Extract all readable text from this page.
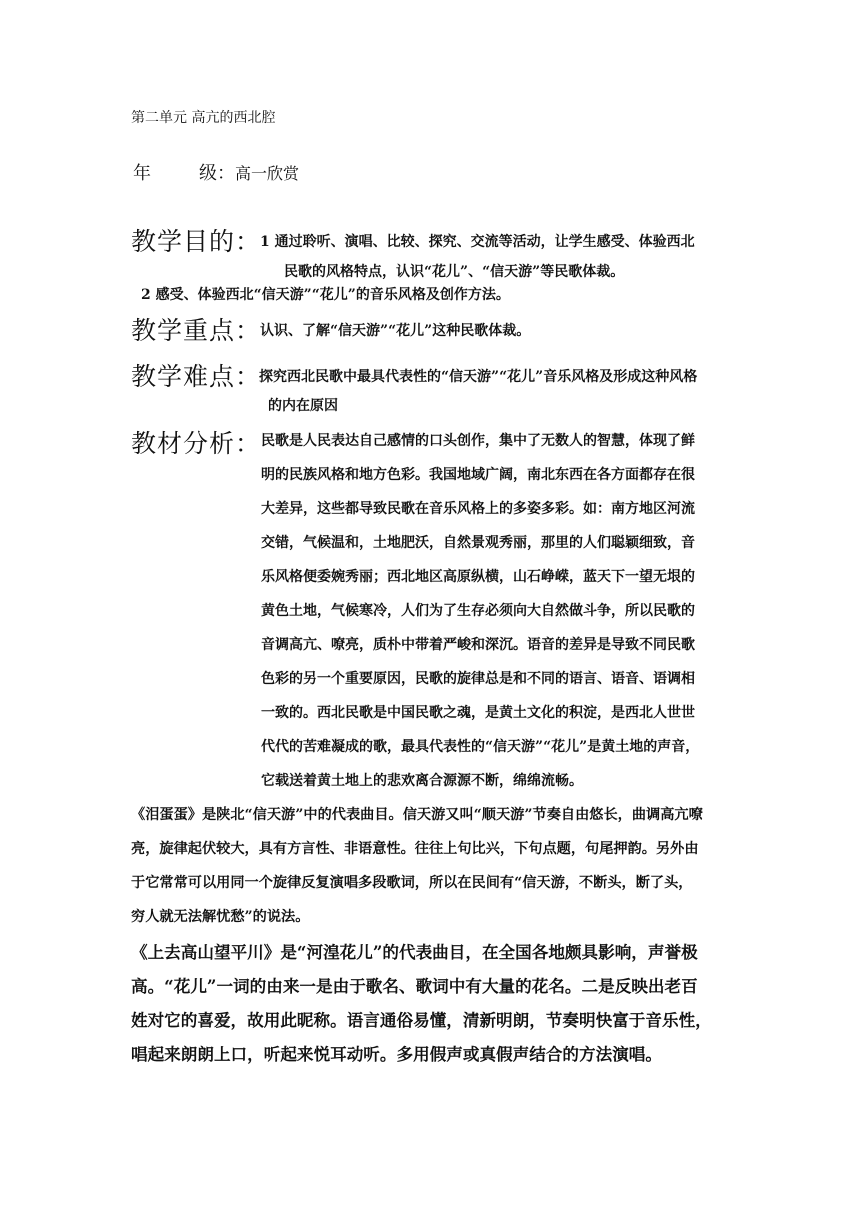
第二单元 高亢的西北腔
年	级：高一欣赏
教学目的：
1 通过聆听、演唱、比较、探究、交流等活动，让学生感受、体验西北
民歌的风格特点，认识“花儿”、“信天游”等民歌体裁。
2 感受、体验西北“信天游”“花儿”的音乐风格及创作方法。
教学重点：
认识、了解“信天游”“花儿”这种民歌体裁。
教学难点：
探究西北民歌中最具代表性的“信天游”“花儿”音乐风格及形成这种风格
的内在原因
教材分析： 民歌是人民表达自己感情的口头创作，集中了无数人的智慧，体现了鲜
明的民族风格和地方色彩。我国地域广阔，南北东西在各方面都存在很
大差异，这些都导致民歌在音乐风格上的多姿多彩。如：南方地区河流
交错，气候温和，土地肥沃，自然景观秀丽，那里的人们聪颖细致，音
乐风格便委婉秀丽；西北地区高原纵横，山石峥嵘，蓝天下一望无垠的
黄色土地，气候寒冷，人们为了生存必须向大自然做斗争，所以民歌的
音调高亢、嘹亮，质朴中带着严峻和深沉。语音的差异是导致不同民歌
色彩的另一个重要原因，民歌的旋律总是和不同的语言、语音、语调相
一致的。西北民歌是中国民歌之魂，是黄土文化的积淀，是西北人世世
代代的苦难凝成的歌，最具代表性的“信天游”“花儿”是黄土地的声音，
它载送着黄土地上的悲欢离合源源不断，绵绵流畅。
《泪蛋蛋》是陕北“信天游”中的代表曲目。信天游又叫“顺天游”节奏自由悠长，曲调高亢嘹
亮，旋律起伏较大，具有方言性、非语意性。往往上句比兴，下句点题，句尾押韵。另外由
于它常常可以用同一个旋律反复演唱多段歌词，所以在民间有“信天游，不断头，断了头，
穷人就无法解忧愁”的说法。
《上去高山望平川》是“河湟花儿”的代表曲目，在全国各地颇具影响，声誉极
高。“花儿”一词的由来一是由于歌名、歌词中有大量的花名。二是反映出老百
姓对它的喜爱，故用此昵称。语言通俗易懂，清新明朗，节奏明快富于音乐性，
唱起来朗朗上口，听起来悦耳动听。多用假声或真假声结合的方法演唱。
